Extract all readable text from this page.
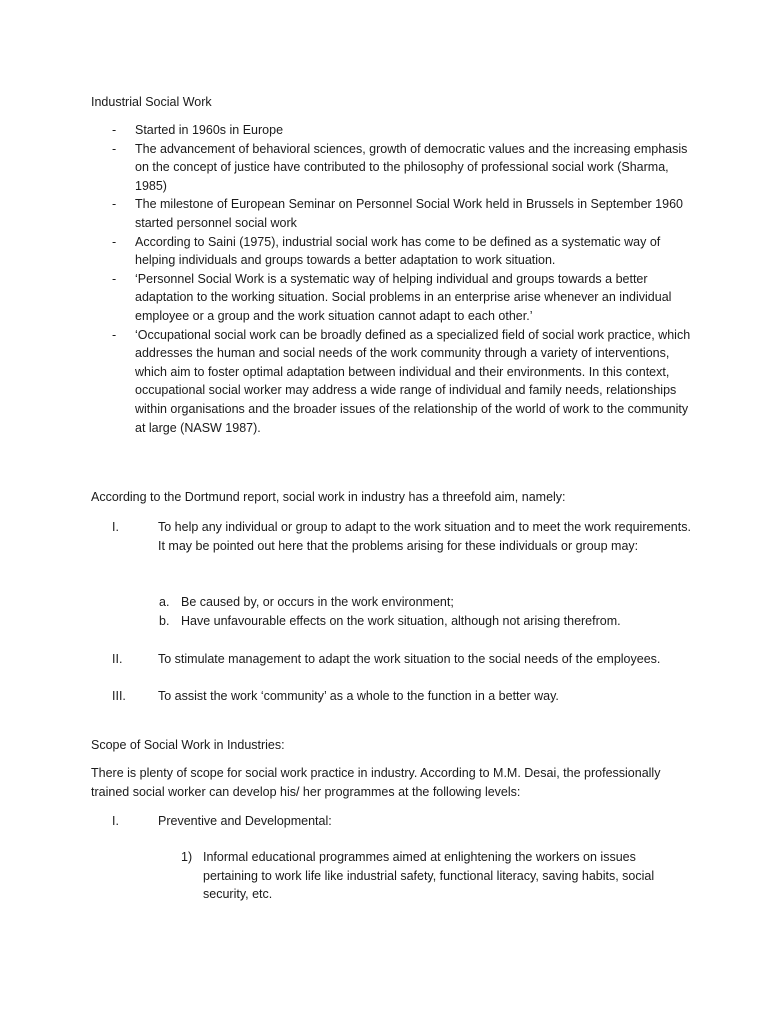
Industrial Social Work
-	Started in 1960s in Europe
-	The advancement of behavioral sciences, growth of democratic values and the increasing emphasis on the concept of justice have contributed to the philosophy of professional social work (Sharma, 1985)
-	The milestone of European Seminar on Personnel Social Work held in Brussels in September 1960 started personnel social work
-	According to Saini (1975), industrial social work has come to be defined as a systematic way of helping individuals and groups towards a better adaptation to work situation.
-	‘Personnel Social Work is a systematic way of helping individual and groups towards a better adaptation to the working situation. Social problems in an enterprise arise whenever an individual employee or a group and the work situation cannot adapt to each other.’
-	‘Occupational social work can be broadly defined as a specialized field of social work practice, which addresses the human and social needs of the work community through a variety of interventions, which aim to foster optimal adaptation between individual and their environments. In this context, occupational social worker may address a wide range of individual and family needs, relationships within organisations and the broader issues of the relationship of the world of work to the community at large (NASW 1987).
According to the Dortmund report, social work in industry has a threefold aim, namely:
I.	To help any individual or group to adapt to the work situation and to meet the work requirements. It may be pointed out here that the problems arising for these individuals or group may:
a. Be caused by, or occurs in the work environment;
b. Have unfavourable effects on the work situation, although not arising therefrom.
II.	To stimulate management to adapt the work situation to the social needs of the employees.
III.	To assist the work ‘community’ as a whole to the function in a better way.
Scope of Social Work in Industries:
There is plenty of scope for social work practice in industry. According to M.M. Desai, the professionally trained social worker can develop his/ her programmes at the following levels:
I.	Preventive and Developmental:
1) Informal educational programmes aimed at enlightening the workers on issues pertaining to work life like industrial safety, functional literacy, saving habits, social security, etc.
